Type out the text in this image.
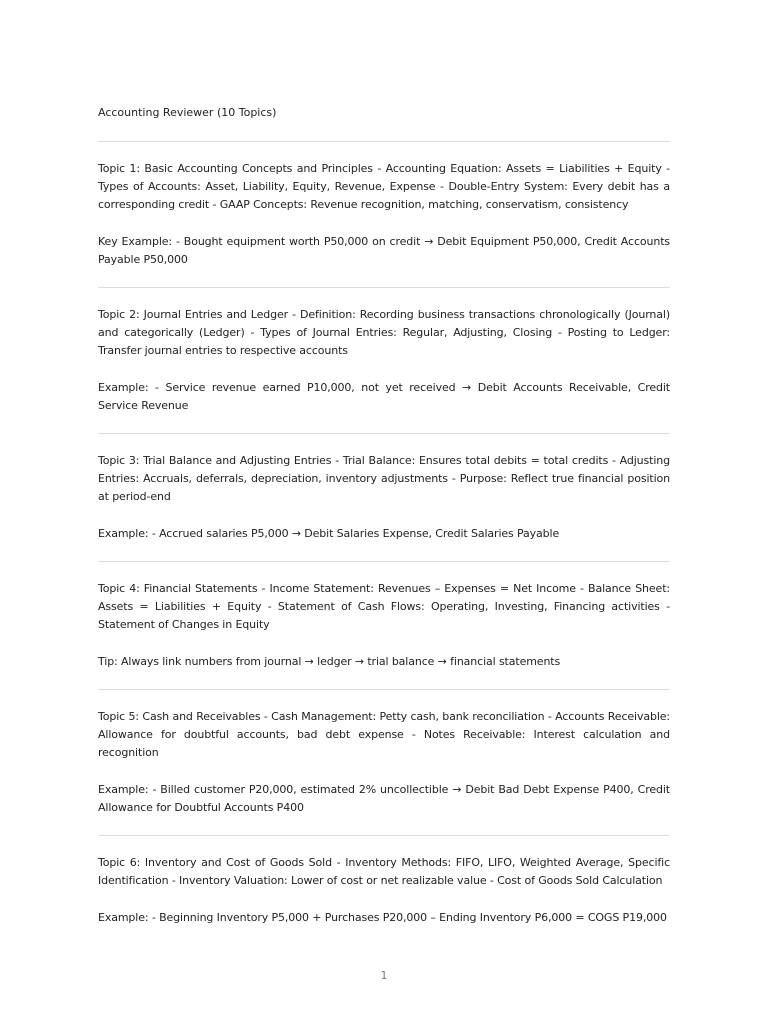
Accounting Reviewer (10 Topics)

Topic 1: Basic Accounting Concepts and Principles - Accounting Equation: Assets = Liabilities + Equity - Types of Accounts: Asset, Liability, Equity, Revenue, Expense - Double-Entry System: Every debit has a corresponding credit - GAAP Concepts: Revenue recognition, matching, conservatism, consistency

Key Example: - Bought equipment worth P50,000 on credit → Debit Equipment P50,000, Credit Accounts Payable P50,000

Topic 2: Journal Entries and Ledger - Definition: Recording business transactions chronologically (Journal) and categorically (Ledger) - Types of Journal Entries: Regular, Adjusting, Closing - Posting to Ledger: Transfer journal entries to respective accounts

Example: - Service revenue earned P10,000, not yet received → Debit Accounts Receivable, Credit Service Revenue

Topic 3: Trial Balance and Adjusting Entries - Trial Balance: Ensures total debits = total credits - Adjusting Entries: Accruals, deferrals, depreciation, inventory adjustments - Purpose: Reflect true financial position at period-end

Example: - Accrued salaries P5,000 → Debit Salaries Expense, Credit Salaries Payable

Topic 4: Financial Statements - Income Statement: Revenues – Expenses = Net Income - Balance Sheet: Assets = Liabilities + Equity - Statement of Cash Flows: Operating, Investing, Financing activities - Statement of Changes in Equity

Tip: Always link numbers from journal → ledger → trial balance → financial statements

Topic 5: Cash and Receivables - Cash Management: Petty cash, bank reconciliation - Accounts Receivable: Allowance for doubtful accounts, bad debt expense - Notes Receivable: Interest calculation and recognition

Example: - Billed customer P20,000, estimated 2% uncollectible → Debit Bad Debt Expense P400, Credit Allowance for Doubtful Accounts P400

Topic 6: Inventory and Cost of Goods Sold - Inventory Methods: FIFO, LIFO, Weighted Average, Specific Identification - Inventory Valuation: Lower of cost or net realizable value - Cost of Goods Sold Calculation

Example: - Beginning Inventory P5,000 + Purchases P20,000 – Ending Inventory P6,000 = COGS P19,000

1
